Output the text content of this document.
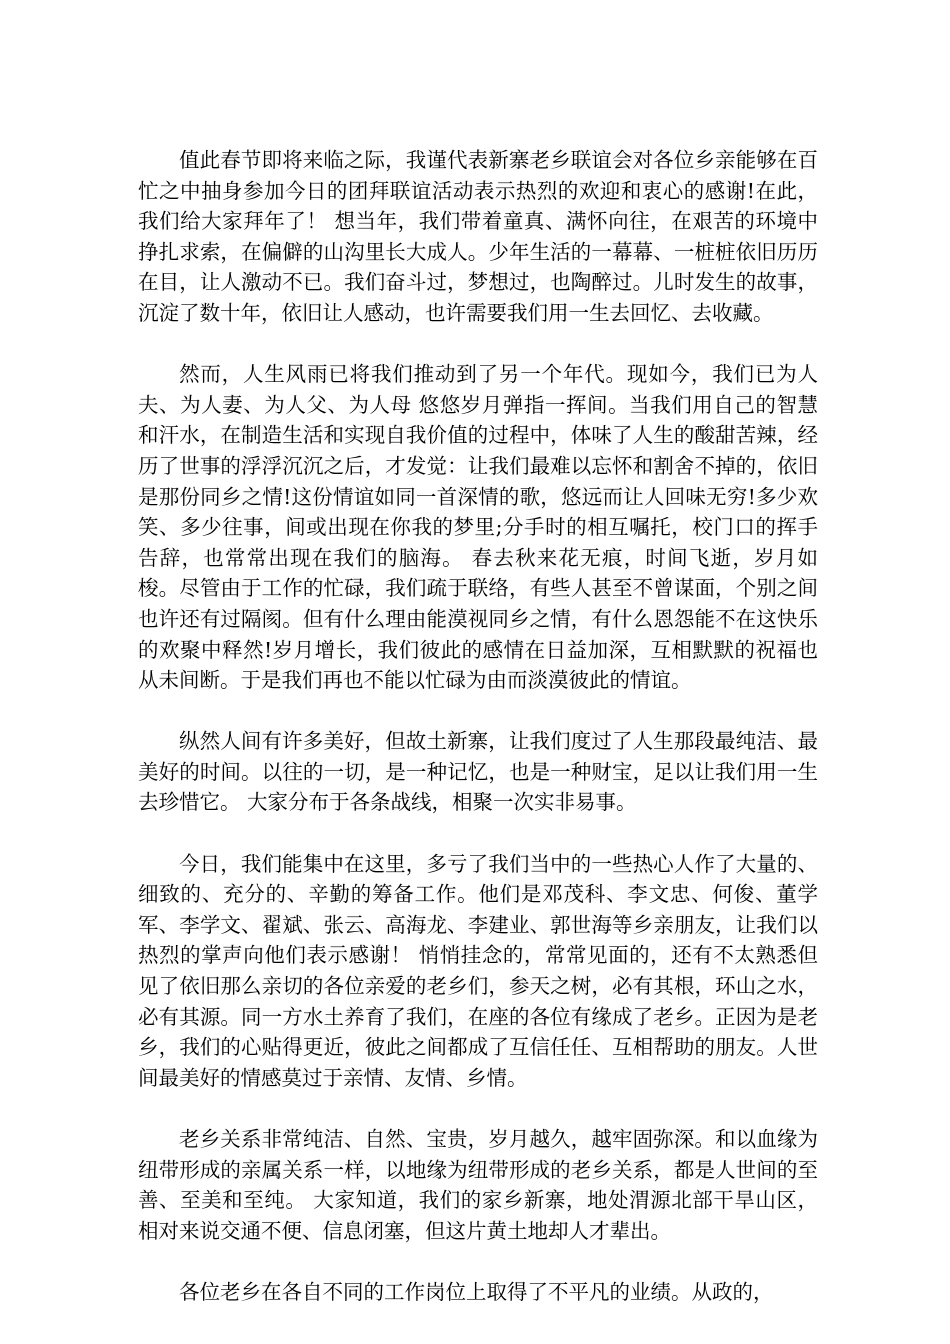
值此春节即将来临之际，我谨代表新寨老乡联谊会对各位乡亲能够在百忙之中抽身参加今日的团拜联谊活动表示热烈的欢迎和衷心的感谢!在此，我们给大家拜年了！ 想当年，我们带着童真、满怀向往，在艰苦的环境中挣扎求索，在偏僻的山沟里长大成人。少年生活的一幕幕、一桩桩依旧历历在目，让人激动不已。我们奋斗过，梦想过，也陶醉过。儿时发生的故事，沉淀了数十年，依旧让人感动，也许需要我们用一生去回忆、去收藏。

然而，人生风雨已将我们推动到了另一个年代。现如今，我们已为人夫、为人妻、为人父、为人母 悠悠岁月弹指一挥间。当我们用自己的智慧和汗水，在制造生活和实现自我价值的过程中，体味了人生的酸甜苦辣，经历了世事的浮浮沉沉之后，才发觉：让我们最难以忘怀和割舍不掉的，依旧是那份同乡之情!这份情谊如同一首深情的歌，悠远而让人回味无穷!多少欢笑、多少往事，间或出现在你我的梦里;分手时的相互嘱托，校门口的挥手告辞，也常常出现在我们的脑海。 春去秋来花无痕，时间飞逝，岁月如梭。尽管由于工作的忙碌，我们疏于联络，有些人甚至不曾谋面，个别之间也许还有过隔阂。但有什么理由能漠视同乡之情，有什么恩怨能不在这快乐的欢聚中释然!岁月增长，我们彼此的感情在日益加深，互相默默的祝福也从未间断。于是我们再也不能以忙碌为由而淡漠彼此的情谊。

纵然人间有许多美好，但故土新寨，让我们度过了人生那段最纯洁、最美好的时间。以往的一切，是一种记忆，也是一种财宝，足以让我们用一生去珍惜它。 大家分布于各条战线，相聚一次实非易事。

今日，我们能集中在这里，多亏了我们当中的一些热心人作了大量的、细致的、充分的、辛勤的筹备工作。他们是邓茂科、李文忠、何俊、董学军、李学文、翟斌、张云、高海龙、李建业、郭世海等乡亲朋友，让我们以热烈的掌声向他们表示感谢！ 悄悄挂念的，常常见面的，还有不太熟悉但见了依旧那么亲切的各位亲爱的老乡们，参天之树，必有其根，环山之水，必有其源。同一方水土养育了我们，在座的各位有缘成了老乡。正因为是老乡，我们的心贴得更近，彼此之间都成了互信任任、互相帮助的朋友。人世间最美好的情感莫过于亲情、友情、乡情。

老乡关系非常纯洁、自然、宝贵，岁月越久，越牢固弥深。和以血缘为纽带形成的亲属关系一样，以地缘为纽带形成的老乡关系，都是人世间的至善、至美和至纯。 大家知道，我们的家乡新寨，地处渭源北部干旱山区，相对来说交通不便、信息闭塞，但这片黄土地却人才辈出。

各位老乡在各自不同的工作岗位上取得了不平凡的业绩。从政的，
